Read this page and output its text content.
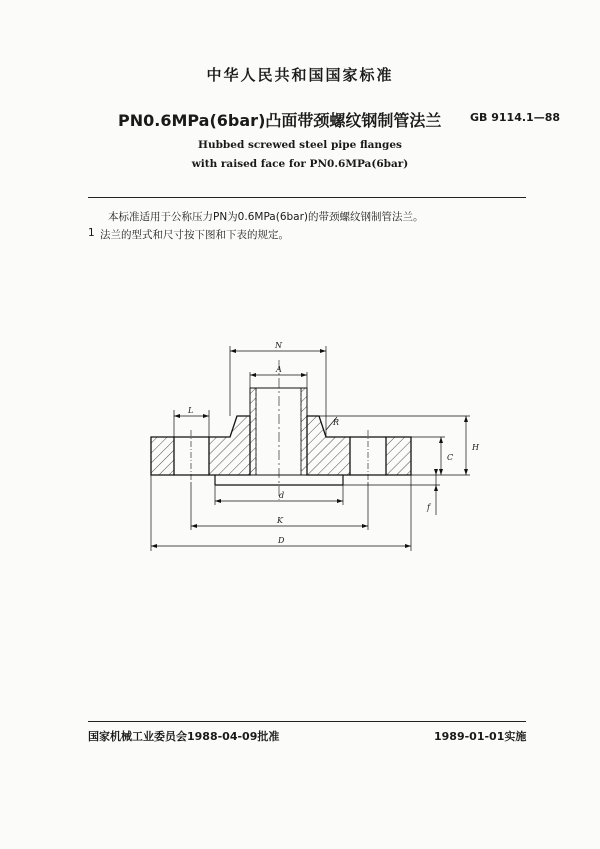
中华人民共和国国家标准
PN0.6MPa(6bar)凸面带颈螺纹钢制管法兰	GB 9114.1—88
Hubbed screwed steel pipe flanges
with raised face for PN0.6MPa(6bar)
本标准适用于公称压力PN为0.6MPa(6bar)的带颈螺纹钢制管法兰。
1 法兰的型式和尺寸按下图和下表的规定。
N
A
L
R
H
C
f
d
K
D
国家机械工业委员会1988-04-09批准	1989-01-01实施
